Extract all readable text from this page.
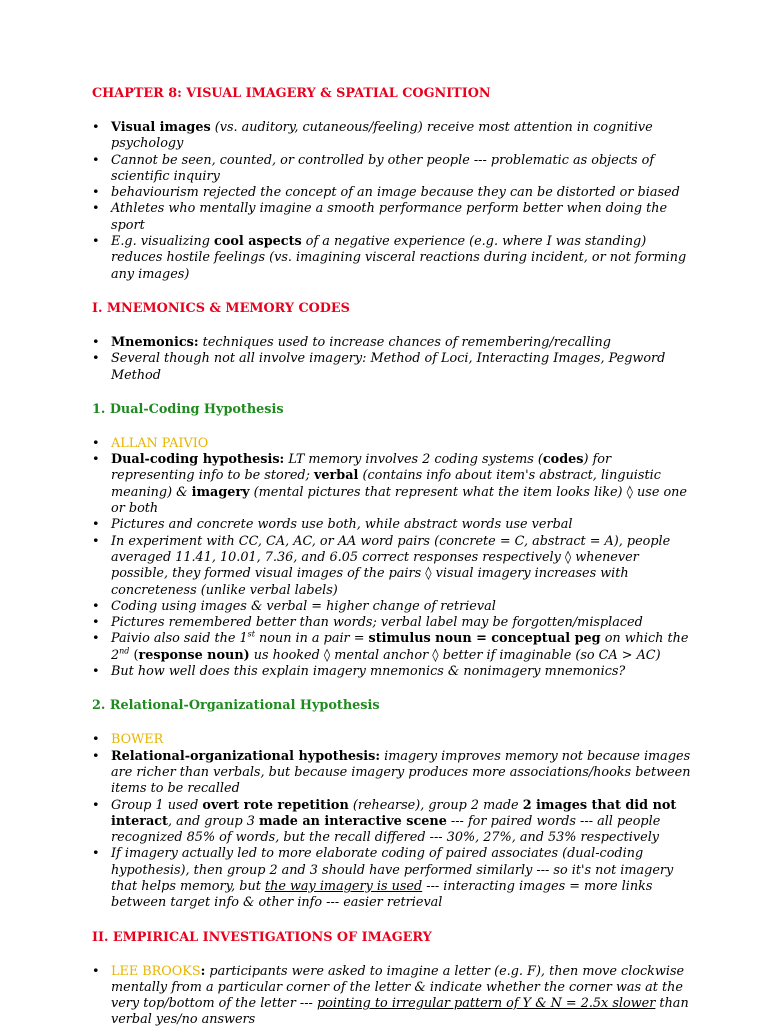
CHAPTER 8: VISUAL IMAGERY & SPATIAL COGNITION

• Visual images (vs. auditory, cutaneous/feeling) receive most attention in cognitive psychology
• Cannot be seen, counted, or controlled by other people --- problematic as objects of scientific inquiry
• behaviourism rejected the concept of an image because they can be distorted or biased
• Athletes who mentally imagine a smooth performance perform better when doing the sport
• E.g. visualizing cool aspects of a negative experience (e.g. where I was standing) reduces hostile feelings (vs. imagining visceral reactions during incident, or not forming any images)

I. MNEMONICS & MEMORY CODES

• Mnemonics: techniques used to increase chances of remembering/recalling
• Several though not all involve imagery: Method of Loci, Interacting Images, Pegword Method

1. Dual-Coding Hypothesis

• ALLAN PAIVIO
• Dual-coding hypothesis: LT memory involves 2 coding systems (codes) for representing info to be stored; verbal (contains info about item's abstract, linguistic meaning) & imagery (mental pictures that represent what the item looks like) ◊ use one or both
• Pictures and concrete words use both, while abstract words use verbal
• In experiment with CC, CA, AC, or AA word pairs (concrete = C, abstract = A), people averaged 11.41, 10.01, 7.36, and 6.05 correct responses respectively ◊ whenever possible, they formed visual images of the pairs ◊ visual imagery increases with concreteness (unlike verbal labels)
• Coding using images & verbal = higher change of retrieval
• Pictures remembered better than words; verbal label may be forgotten/misplaced
• Paivio also said the 1st noun in a pair = stimulus noun = conceptual peg on which the 2nd (response noun) us hooked ◊ mental anchor ◊ better if imaginable (so CA > AC)
• But how well does this explain imagery mnemonics & nonimagery mnemonics?

2. Relational-Organizational Hypothesis

• BOWER
• Relational-organizational hypothesis: imagery improves memory not because images are richer than verbals, but because imagery produces more associations/hooks between items to be recalled
• Group 1 used overt rote repetition (rehearse), group 2 made 2 images that did not interact, and group 3 made an interactive scene --- for paired words --- all people recognized 85% of words, but the recall differed --- 30%, 27%, and 53% respectively
• If imagery actually led to more elaborate coding of paired associates (dual-coding hypothesis), then group 2 and 3 should have performed similarly --- so it's not imagery that helps memory, but the way imagery is used --- interacting images = more links between target info & other info --- easier retrieval

II. EMPIRICAL INVESTIGATIONS OF IMAGERY

• LEE BROOKS: participants were asked to imagine a letter (e.g. F), then move clockwise mentally from a particular corner of the letter & indicate whether the corner was at the very top/bottom of the letter --- pointing to irregular pattern of Y & N = 2.5x slower than verbal yes/no answers
